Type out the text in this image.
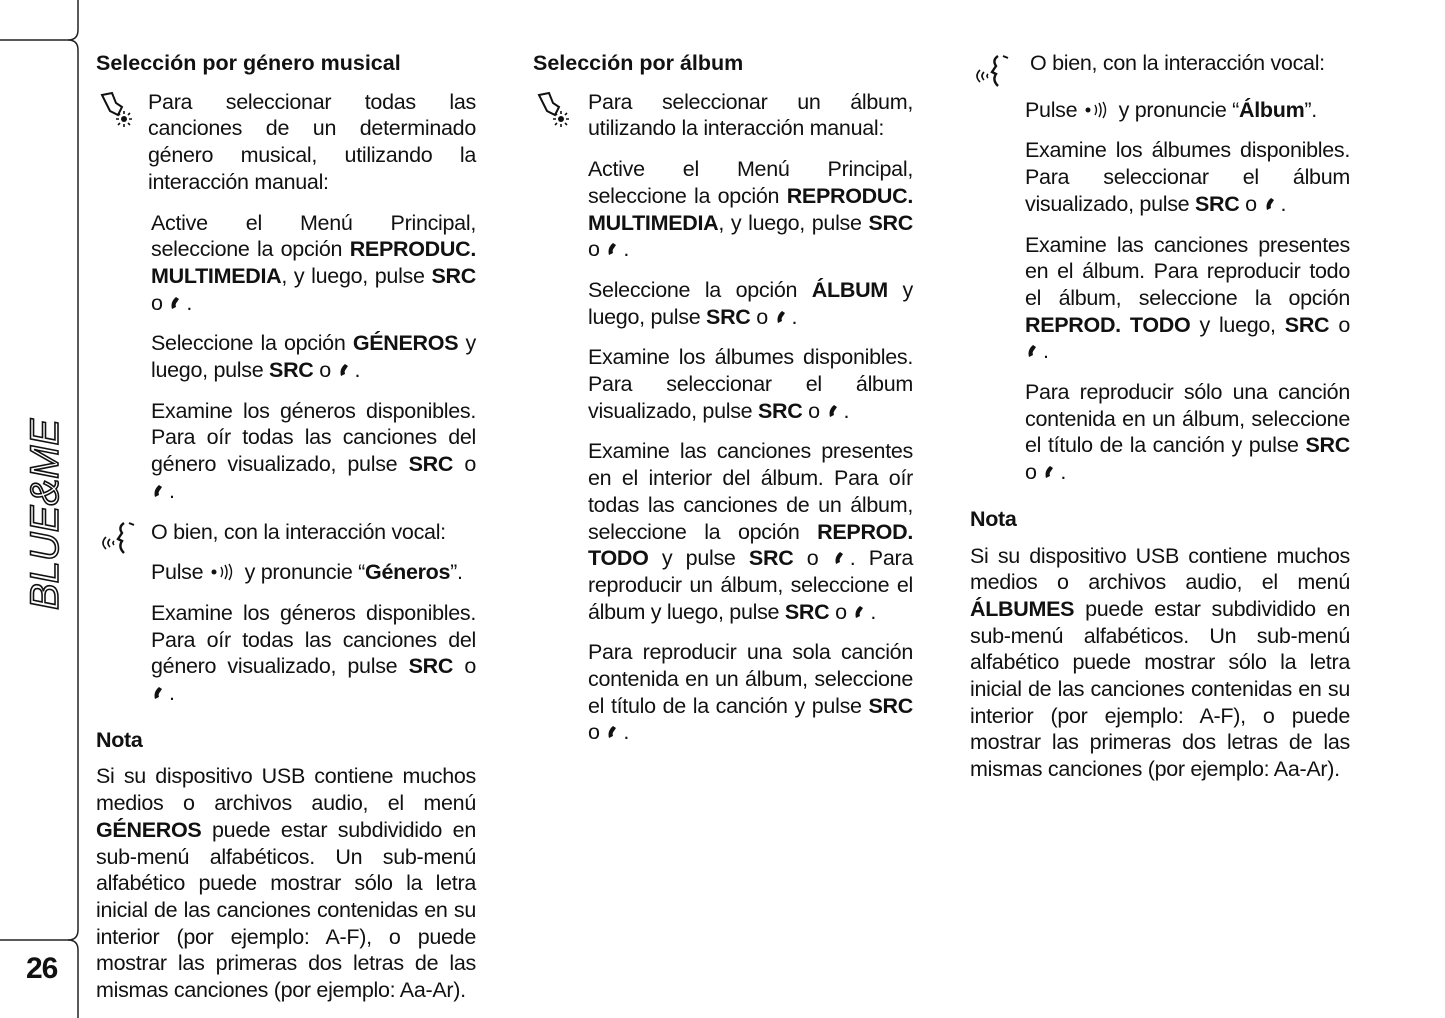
BLUE&ME
26
Selección por género musical

Para seleccionar todas las canciones de un determinado género musical, utilizando la interacción manual:

Active el Menú Principal, seleccione la opción REPRODUC. MULTIMEDIA, y luego, pulse SRC o .

Seleccione la opción GÉNEROS y luego, pulse SRC o .

Examine los géneros disponibles. Para oír todas las canciones del género visualizado, pulse SRC o .

O bien, con la interacción vocal:

Pulse  y pronuncie “Géneros”.

Examine los géneros disponibles. Para oír todas las canciones del género visualizado, pulse SRC o .

Nota

Si su dispositivo USB contiene muchos medios o archivos audio, el menú GÉNEROS puede estar subdividido en sub-menú alfabéticos. Un sub-menú alfabético puede mostrar sólo la letra inicial de las canciones contenidas en su interior (por ejemplo: A-F), o puede mostrar las primeras dos letras de las mismas canciones (por ejemplo: Aa-Ar).

Selección por álbum

Para seleccionar un álbum, utilizando la interacción manual:

Active el Menú Principal, seleccione la opción REPRODUC. MULTIMEDIA, y luego, pulse SRC o .

Seleccione la opción ÁLBUM y luego, pulse SRC o .

Examine los álbumes disponibles. Para seleccionar el álbum visualizado, pulse SRC o .

Examine las canciones presentes en el interior del álbum. Para oír todas las canciones de un álbum, seleccione la opción REPROD. TODO y pulse SRC o . Para reproducir un álbum, seleccione el álbum y luego, pulse SRC o .

Para reproducir una sola canción contenida en un álbum, seleccione el título de la canción y pulse SRC o .

O bien, con la interacción vocal:

Pulse  y pronuncie “Álbum”.

Examine los álbumes disponibles. Para seleccionar el álbum visualizado, pulse SRC o .

Examine las canciones presentes en el álbum. Para reproducir todo el álbum, seleccione la opción REPROD. TODO y luego, SRC o .

Para reproducir sólo una canción contenida en un álbum, seleccione el título de la canción y pulse SRC o .

Nota

Si su dispositivo USB contiene muchos medios o archivos audio, el menú ÁLBUMES puede estar subdividido en sub-menú alfabéticos. Un sub-menú alfabético puede mostrar sólo la letra inicial de las canciones contenidas en su interior (por ejemplo: A-F), o puede mostrar las primeras dos letras de las mismas canciones (por ejemplo: Aa-Ar).
